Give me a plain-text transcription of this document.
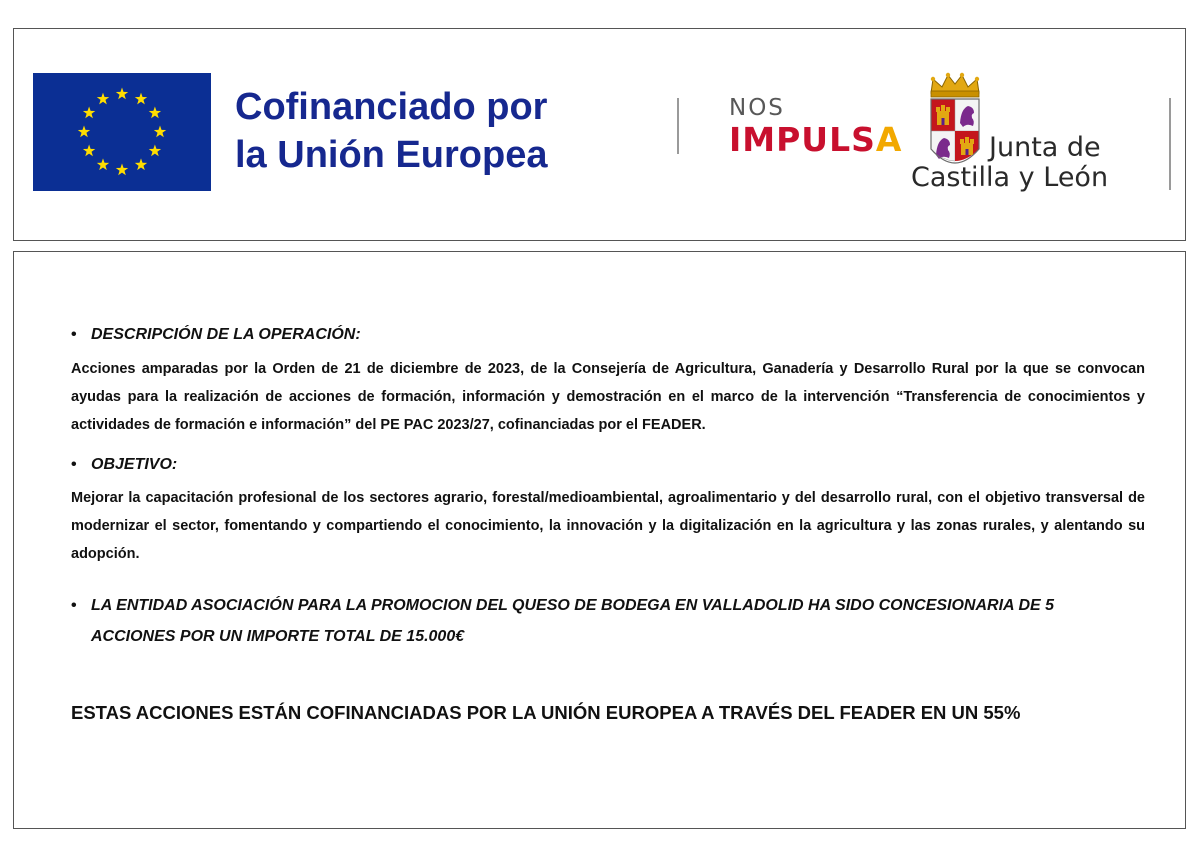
Cofinanciado por
la Unión Europea
NOS
IMPULSA	Junta de
Castilla y León
• DESCRIPCIÓN DE LA OPERACIÓN:
Acciones amparadas por la Orden de 21 de diciembre de 2023, de la Consejería de Agricultura, Ganadería y Desarrollo Rural por la que se convocan ayudas para la realización de acciones de formación, información y demostración en el marco de la intervención “Transferencia de conocimientos y actividades de formación e información” del PE PAC 2023/27, cofinanciadas por el FEADER.
• OBJETIVO:
Mejorar la capacitación profesional de los sectores agrario, forestal/medioambiental, agroalimentario y del desarrollo rural, con el objetivo transversal de modernizar el sector, fomentando y compartiendo el conocimiento, la innovación y la digitalización en la agricultura y las zonas rurales, y alentando su adopción.
• LA ENTIDAD ASOCIACIÓN PARA LA PROMOCION DEL QUESO DE BODEGA EN VALLADOLID HA SIDO CONCESIONARIA DE 5 ACCIONES POR UN IMPORTE TOTAL DE 15.000€
ESTAS ACCIONES ESTÁN COFINANCIADAS POR LA UNIÓN EUROPEA A TRAVÉS DEL FEADER EN UN 55%
